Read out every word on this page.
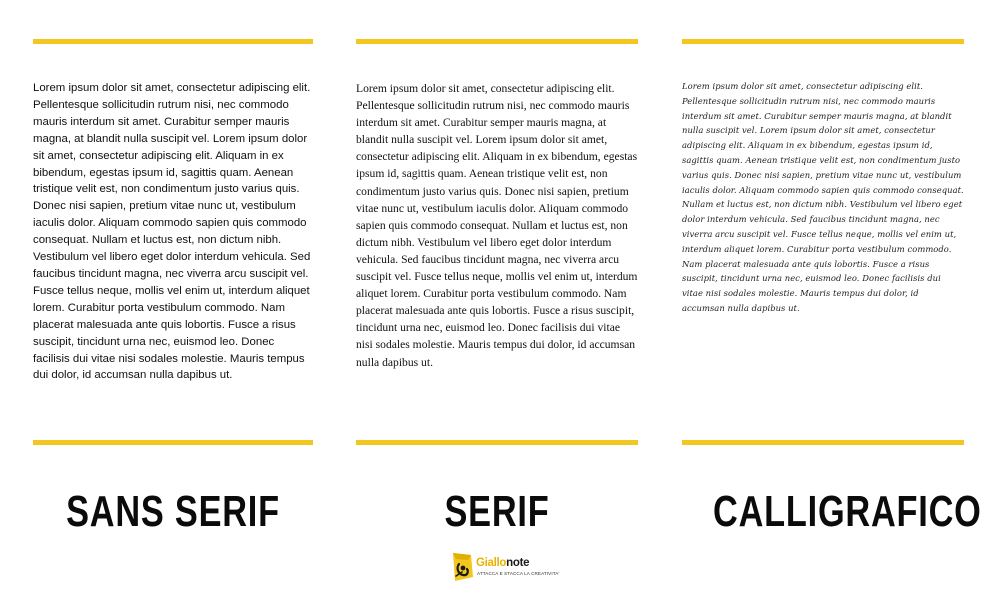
Lorem ipsum dolor sit amet, consectetur adipiscing elit. Pellentesque sollicitudin rutrum nisi, nec commodo mauris interdum sit amet. Curabitur semper mauris magna, at blandit nulla suscipit vel. Lorem ipsum dolor sit amet, consectetur adipiscing elit. Aliquam in ex bibendum, egestas ipsum id, sagittis quam. Aenean tristique velit est, non condimentum justo varius quis. Donec nisi sapien, pretium vitae nunc ut, vestibulum iaculis dolor. Aliquam commodo sapien quis commodo consequat. Nullam et luctus est, non dictum nibh. Vestibulum vel libero eget dolor interdum vehicula. Sed faucibus tincidunt magna, nec viverra arcu suscipit vel. Fusce tellus neque, mollis vel enim ut, interdum aliquet lorem. Curabitur porta vestibulum commodo. Nam placerat malesuada ante quis lobortis. Fusce a risus suscipit, tincidunt urna nec, euismod leo. Donec facilisis dui vitae nisi sodales molestie. Mauris tempus dui dolor, id accumsan nulla dapibus ut.

SANS SERIF

Lorem ipsum dolor sit amet, consectetur adipiscing elit. Pellentesque sollicitudin rutrum nisi, nec commodo mauris interdum sit amet. Curabitur semper mauris magna, at blandit nulla suscipit vel. Lorem ipsum dolor sit amet, consectetur adipiscing elit. Aliquam in ex bibendum, egestas ipsum id, sagittis quam. Aenean tristique velit est, non condimentum justo varius quis. Donec nisi sapien, pretium vitae nunc ut, vestibulum iaculis dolor. Aliquam commodo sapien quis commodo consequat. Nullam et luctus est, non dictum nibh. Vestibulum vel libero eget dolor interdum vehicula. Sed faucibus tincidunt magna, nec viverra arcu suscipit vel. Fusce tellus neque, mollis vel enim ut, interdum aliquet lorem. Curabitur porta vestibulum commodo. Nam placerat malesuada ante quis lobortis. Fusce a risus suscipit, tincidunt urna nec, euismod leo. Donec facilisis dui vitae nisi sodales molestie. Mauris tempus dui dolor, id accumsan nulla dapibus ut.

SERIF

Lorem ipsum dolor sit amet, consectetur adipiscing elit. Pellentesque sollicitudin rutrum nisi, nec commodo mauris interdum sit amet. Curabitur semper mauris magna, at blandit nulla suscipit vel. Lorem ipsum dolor sit amet, consectetur adipiscing elit. Aliquam in ex bibendum, egestas ipsum id, sagittis quam. Aenean tristique velit est, non condimentum justo varius quis. Donec nisi sapien, pretium vitae nunc ut, vestibulum iaculis dolor. Aliquam commodo sapien quis commodo consequat. Nullam et luctus est, non dictum nibh. Vestibulum vel libero eget dolor interdum vehicula. Sed faucibus tincidunt magna, nec viverra arcu suscipit vel. Fusce tellus neque, mollis vel enim ut, interdum aliquet lorem. Curabitur porta vestibulum commodo. Nam placerat malesuada ante quis lobortis. Fusce a risus suscipit, tincidunt urna nec, euismod leo. Donec facilisis dui vitae nisi sodales molestie. Mauris tempus dui dolor, id accumsan nulla dapibus ut.

CALLIGRAFICO
Giallonote
ATTACCA E STACCA LA CREATIVITA'
